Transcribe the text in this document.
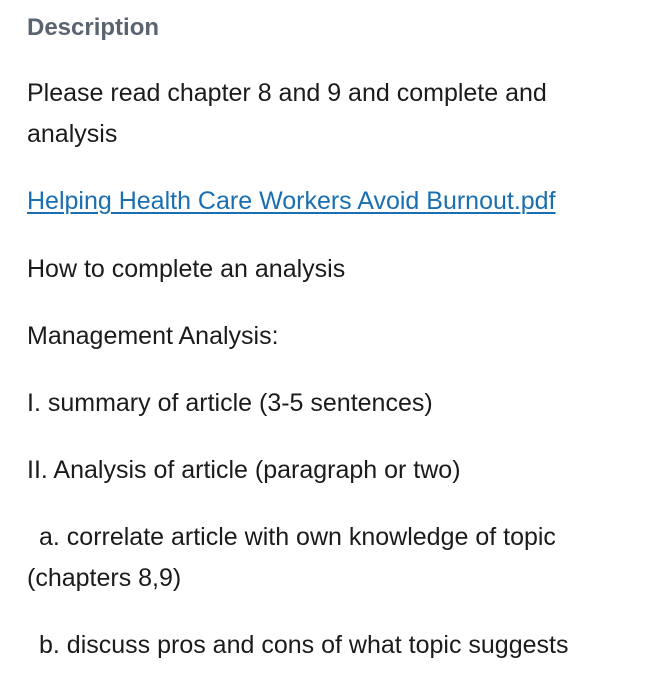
Description

Please read chapter 8 and 9 and complete and analysis

Helping Health Care Workers Avoid Burnout.pdf

How to complete an analysis

Management Analysis:

I. summary of article (3-5 sentences)

II. Analysis of article (paragraph or two)

a. correlate article with own knowledge of topic (chapters 8,9)

b. discuss pros and cons of what topic suggests
